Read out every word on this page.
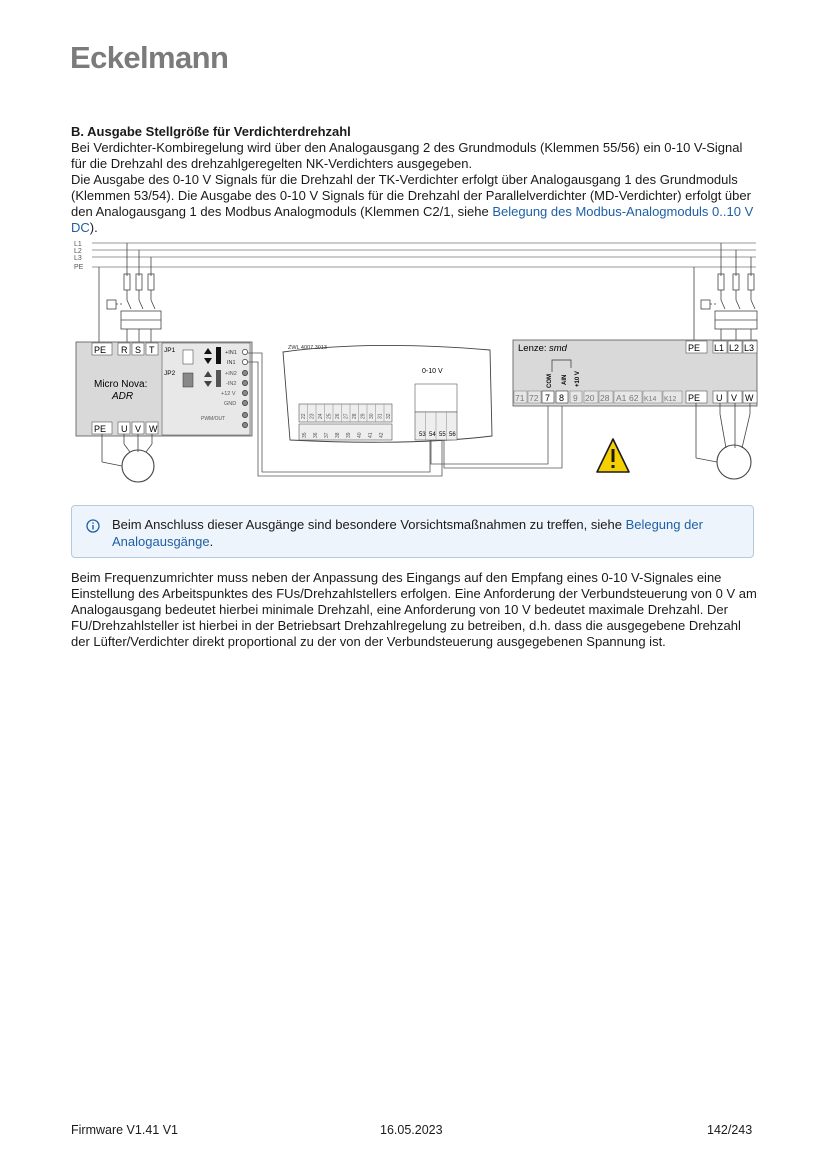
Eckelmann
B. Ausgabe Stellgröße für Verdichterdrehzahl
Bei Verdichter-Kombiregelung wird über den Analogausgang 2 des Grundmoduls (Klemmen 55/56) ein 0-10 V-Signal für die Drehzahl des drehzahlgeregelten NK-Verdichters ausgegeben.
Die Ausgabe des 0-10 V Signals für die Drehzahl der TK-Verdichter erfolgt über Analogausgang 1 des Grundmoduls (Klemmen 53/54). Die Ausgabe des 0-10 V Signals für die Drehzahl der Parallelverdichter (MD-Verdichter) erfolgt über den Analogausgang 1 des Modbus Analogmoduls (Klemmen C2/1, siehe Belegung des Modbus-Analogmoduls 0..10 V DC).
L1
L2
L3
PE
PE R S T
Micro Nova:
ADR
PE U V W
JP1
JP2
+IN1
IN1
+IN2
-IN2
+12 V
GND
PWM/OUT
ZWL 4007 3013
0-10 V
53 54 55 56
Lenze: smd	PE L1 L2 L3
COM AIN +10 V
71 72 7 8 9 20 28 A1 62 K14 K12 PE U V W
22 23 24 25 26 27 28 29 30 31 32
35 36 37 38 39 40 41 42
Beim Anschluss dieser Ausgänge sind besondere Vorsichtsmaßnahmen zu treffen, siehe Belegung der Analogausgänge.
Beim Frequenzumrichter muss neben der Anpassung des Eingangs auf den Empfang eines 0-10 V-Signales eine Einstellung des Arbeitspunktes des FUs/Drehzahlstellers erfolgen. Eine Anforderung der Verbundsteuerung von 0 V am Analogausgang bedeutet hierbei minimale Drehzahl, eine Anforderung von 10 V bedeutet maximale Drehzahl. Der FU/Drehzahlsteller ist hierbei in der Betriebsart Drehzahlregelung zu betreiben, d.h. dass die ausgegebene Drehzahl der Lüfter/Verdichter direkt proportional zu der von der Verbundsteuerung ausgegebenen Spannung ist.
Firmware V1.41 V1	16.05.2023	142/243
